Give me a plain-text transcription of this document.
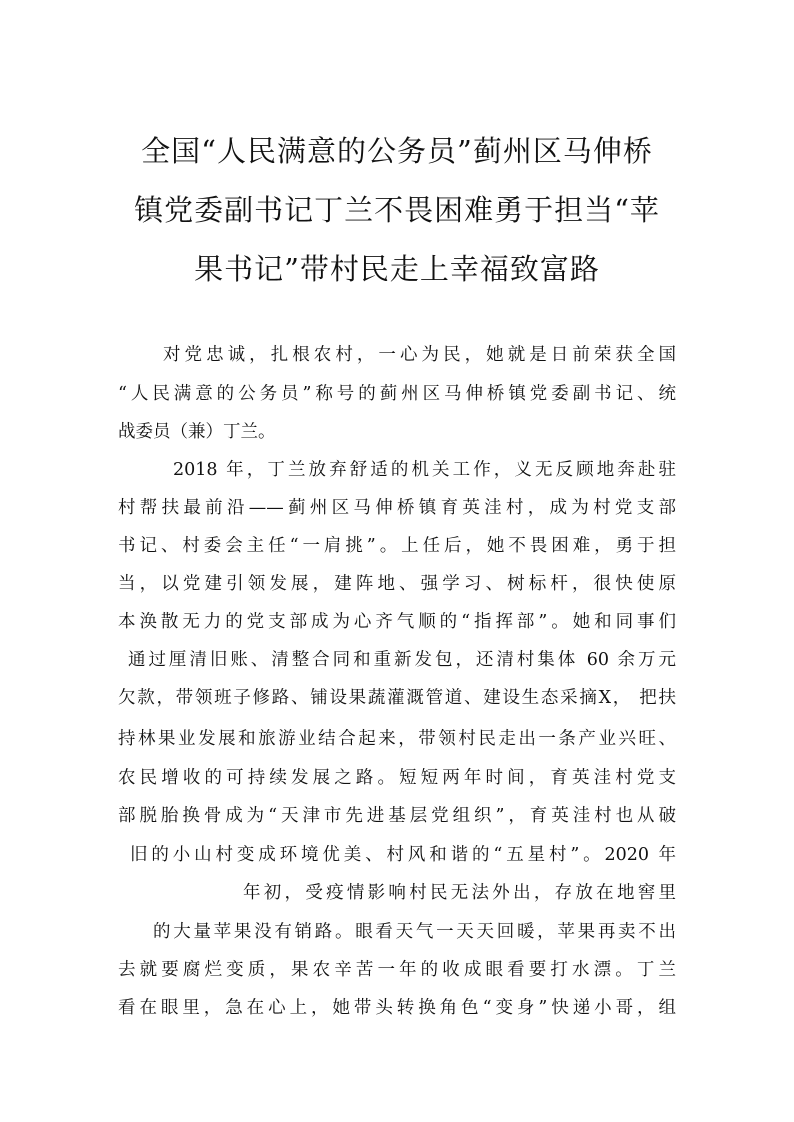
全国“人民满意的公务员”蓟州区马伸桥
镇党委副书记丁兰不畏困难勇于担当“苹
果书记”带村民走上幸福致富路
对党忠诚，扎根农村，一心为民，她就是日前荣获全国
“人民满意的公务员”称号的蓟州区马伸桥镇党委副书记、统
战委员（兼）丁兰。
2018 年，丁兰放弃舒适的机关工作，义无反顾地奔赴驻
村帮扶最前沿——蓟州区马伸桥镇育英洼村，成为村党支部
书记、村委会主任“一肩挑”。上任后，她不畏困难，勇于担
当，以党建引领发展，建阵地、强学习、树标杆，很快使原
本涣散无力的党支部成为心齐气顺的“指挥部”。她和同事们
通过厘清旧账、清整合同和重新发包，还清村集体 60 余万元
欠款，带领班子修路、铺设果蔬灌溉管道、建设生态采摘X， 把扶
持林果业发展和旅游业结合起来，带领村民走出一条产业兴旺、
农民增收的可持续发展之路。短短两年时间，育英洼村党支
部脱胎换骨成为“天津市先进基层党组织”，育英洼村也从破
旧的小山村变成环境优美、村风和谐的“五星村”。2020 年
年初，受疫情影响村民无法外出，存放在地窖里
的大量苹果没有销路。眼看天气一天天回暖，苹果再卖不出
去就要腐烂变质，果农辛苦一年的收成眼看要打水漂。丁兰
看在眼里，急在心上，她带头转换角色“变身”快递小哥，组
